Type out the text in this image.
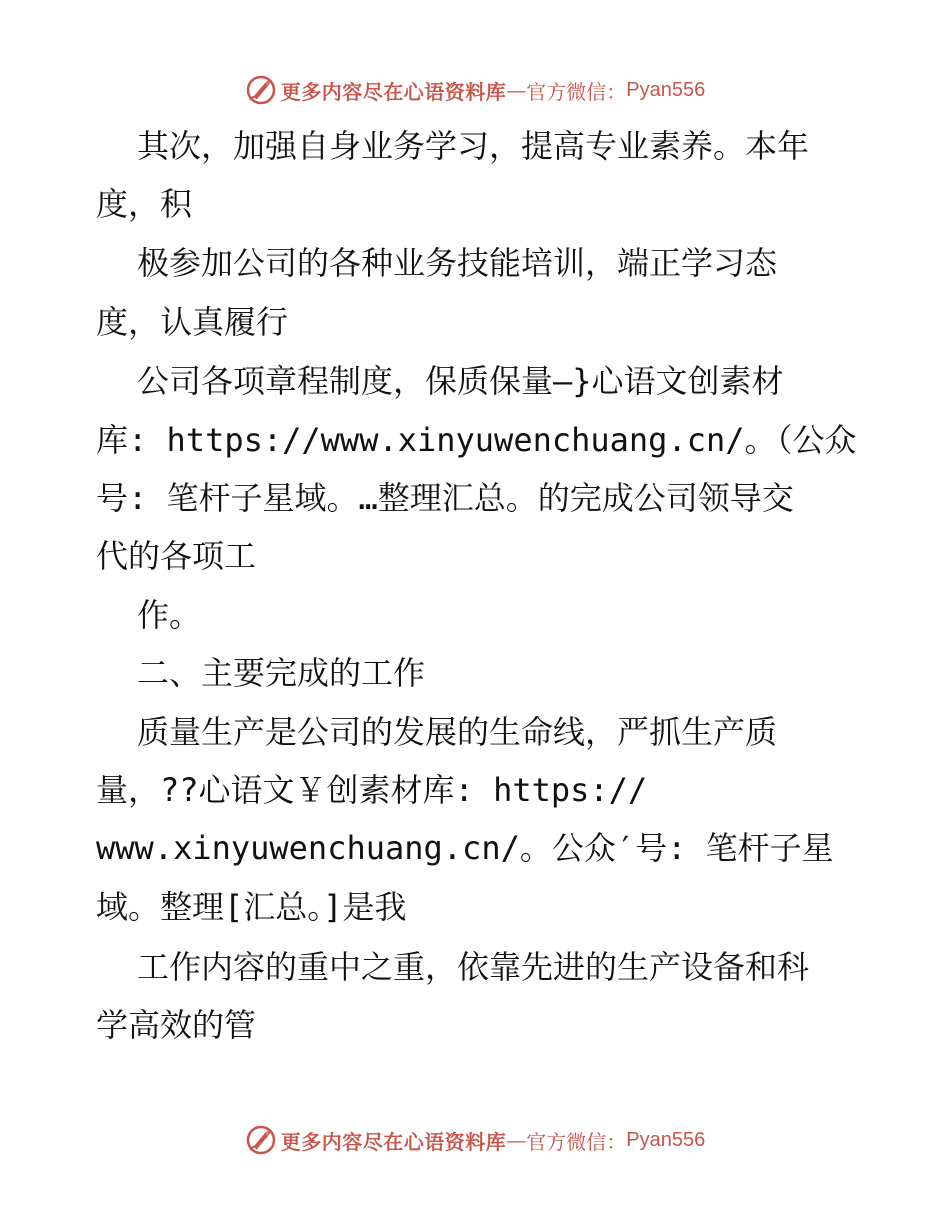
更多内容尽在心语资料库 — 官方微信： Pyan556
其次，加强自身业务学习，提高专业素养。本年
度，积
极参加公司的各种业务技能培训，端正学习态
度，认真履行
公司各项章程制度，保质保量—}心语文创素材
库: https://www.xinyuwenchuang.cn/。（公众
号: 笔杆子星域。…整理汇总。的完成公司领导交
代的各项工
作。
二、主要完成的工作
质量生产是公司的发展的生命线，严抓生产质
量，??心语文￥创素材库: https://
www.xinyuwenchuang.cn/。公众′号: 笔杆子星
域。整理[汇总。]是我
工作内容的重中之重，依靠先进的生产设备和科
学高效的管
更多内容尽在心语资料库 — 官方微信： Pyan556
